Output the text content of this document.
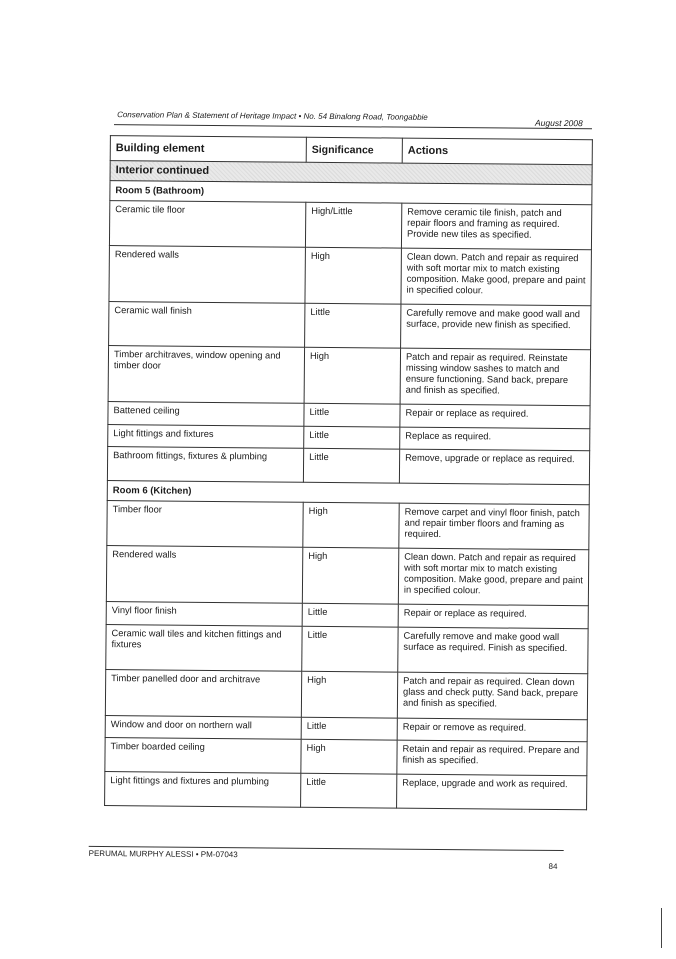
Conservation Plan & Statement of Heritage Impact • No. 54 Binalong Road, Toongabbie
August 2008
Building element	Significance	Actions
Interior continued		
Room 5 (Bathroom)		
Ceramic tile floor	High/Little	Remove ceramic tile finish, patch and repair floors and framing as required. Provide new tiles as specified.
Rendered walls	High	Clean down. Patch and repair as required with soft mortar mix to match existing composition. Make good, prepare and paint in specified colour.
Ceramic wall finish	Little	Carefully remove and make good wall and surface, provide new finish as specified.
Timber architraves, window opening and timber door	High	Patch and repair as required. Reinstate missing window sashes to match and ensure functioning. Sand back, prepare and finish as specified.
Battened ceiling	Little	Repair or replace as required.
Light fittings and fixtures	Little	Replace as required.
Bathroom fittings, fixtures & plumbing	Little	Remove, upgrade or replace as required.
Room 6 (Kitchen)		
Timber floor	High	Remove carpet and vinyl floor finish, patch and repair timber floors and framing as required.
Rendered walls	High	Clean down. Patch and repair as required with soft mortar mix to match existing composition. Make good, prepare and paint in specified colour.
Vinyl floor finish	Little	Repair or replace as required.
Ceramic wall tiles and kitchen fittings and fixtures	Little	Carefully remove and make good wall surface as required. Finish as specified.
Timber panelled door and architrave	High	Patch and repair as required. Clean down glass and check putty. Sand back, prepare and finish as specified.
Window and door on northern wall	Little	Repair or remove as required.
Timber boarded ceiling	High	Retain and repair as required. Prepare and finish as specified.
Light fittings and fixtures and plumbing	Little	Replace, upgrade and work as required.
PERUMAL MURPHY ALESSI • PM-07043
84
